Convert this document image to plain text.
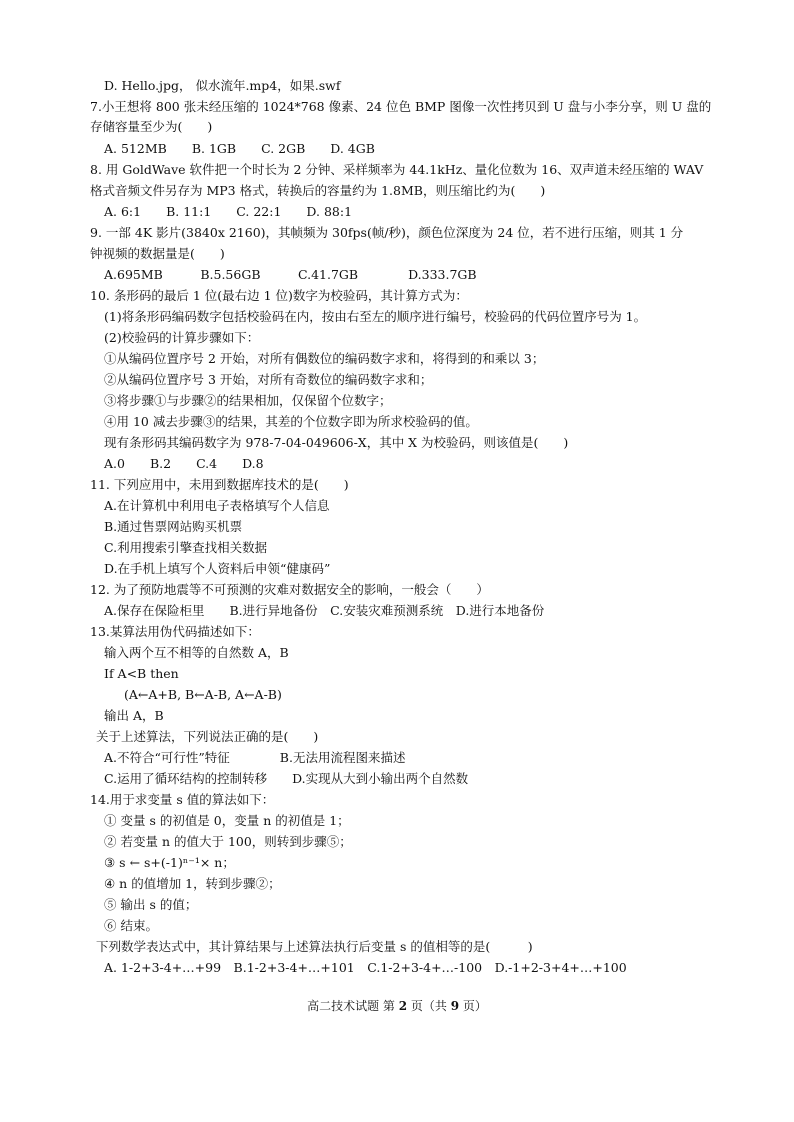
D. Hello.jpg， 似水流年.mp4，如果.swf
7.小王想将 800 张未经压缩的 1024*768 像素、24 位色 BMP 图像一次性拷贝到 U 盘与小李分享，则 U 盘的
存储容量至少为(　　)
A. 512MB　　B. 1GB　　C. 2GB　　D. 4GB
8. 用 GoldWave 软件把一个时长为 2 分钟、采样频率为 44.1kHz、量化位数为 16、双声道未经压缩的 WAV
格式音频文件另存为 MP3 格式，转换后的容量约为 1.8MB，则压缩比约为(　　)
A. 6:1　　B. 11:1　　C. 22:1　　D. 88:1
9. 一部 4K 影片(3840x 2160)，其帧频为 30fps(帧/秒)，颜色位深度为 24 位，若不进行压缩，则其 1 分
钟视频的数据量是(　　)
A.695MB　　　B.5.56GB　　　C.41.7GB　　　　D.333.7GB
10. 条形码的最后 1 位(最右边 1 位)数字为校验码，其计算方式为：
(1)将条形码编码数字包括校验码在内，按由右至左的顺序进行编号，校验码的代码位置序号为 1。
(2)校验码的计算步骤如下：
①从编码位置序号 2 开始，对所有偶数位的编码数字求和，将得到的和乘以 3；
②从编码位置序号 3 开始，对所有奇数位的编码数字求和；
③将步骤①与步骤②的结果相加，仅保留个位数字；
④用 10 减去步骤③的结果，其差的个位数字即为所求校验码的值。
现有条形码其编码数字为 978-7-04-049606-X，其中 X 为校验码，则该值是(　　)
A.0　　B.2　　C.4　　D.8
11. 下列应用中，未用到数据库技术的是(　　)
A.在计算机中利用电子表格填写个人信息
B.通过售票网站购买机票
C.利用搜索引擎查找相关数据
D.在手机上填写个人资料后申领“健康码”
12. 为了预防地震等不可预测的灾难对数据安全的影响，一般会（　　）
A.保存在保险柜里　　B.进行异地备份　C.安装灾难预测系统　D.进行本地备份
13.某算法用伪代码描述如下：
输入两个互不相等的自然数 A，B
If A<B then
(A←A+B, B←A-B, A←A-B)
输出 A，B
关于上述算法，下列说法正确的是(　　)
A.不符合“可行性”特征　　　　B.无法用流程图来描述
C.运用了循环结构的控制转移　　D.实现从大到小输出两个自然数
14.用于求变量 s 值的算法如下：
① 变量 s 的初值是 0，变量 n 的初值是 1；
② 若变量 n 的值大于 100，则转到步骤⑤；
③ s ← s+(-1)ⁿ⁻¹× n；
④ n 的值增加 1，转到步骤②；
⑤ 输出 s 的值；
⑥ 结束。
下列数学表达式中，其计算结果与上述算法执行后变量 s 的值相等的是(　　　)
A. 1-2+3-4+…+99　B.1-2+3-4+…+101　C.1-2+3-4+…-100　D.-1+2-3+4+…+100
高二技术试题 第 2 页（共 9 页）
